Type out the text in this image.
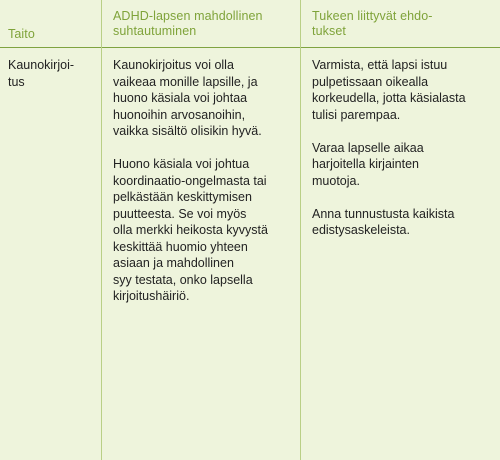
Taito
ADHD-lapsen mahdollinen
suhtautuminen
Tukeen liittyvät ehdo-
tukset
Kaunokirjoi-
tus
Kaunokirjoitus voi olla
vaikeaa monille lapsille, ja
huono käsiala voi johtaa
huonoihin arvosanoihin,
vaikka sisältö olisikin hyvä.
Huono käsiala voi johtua
koordinaatio-ongelmasta tai
pelkästään keskittymisen
puutteesta. Se voi myös
olla merkki heikosta kyvystä
keskittää huomio yhteen
asiaan ja mahdollinen
syy testata, onko lapsella
kirjoitushäiriö.
Varmista, että lapsi istuu
pulpetissaan oikealla
korkeudella, jotta käsialasta
tulisi parempaa.
Varaa lapselle aikaa
harjoitella kirjainten
muotoja.
Anna tunnustusta kaikista
edistysaskeleista.
